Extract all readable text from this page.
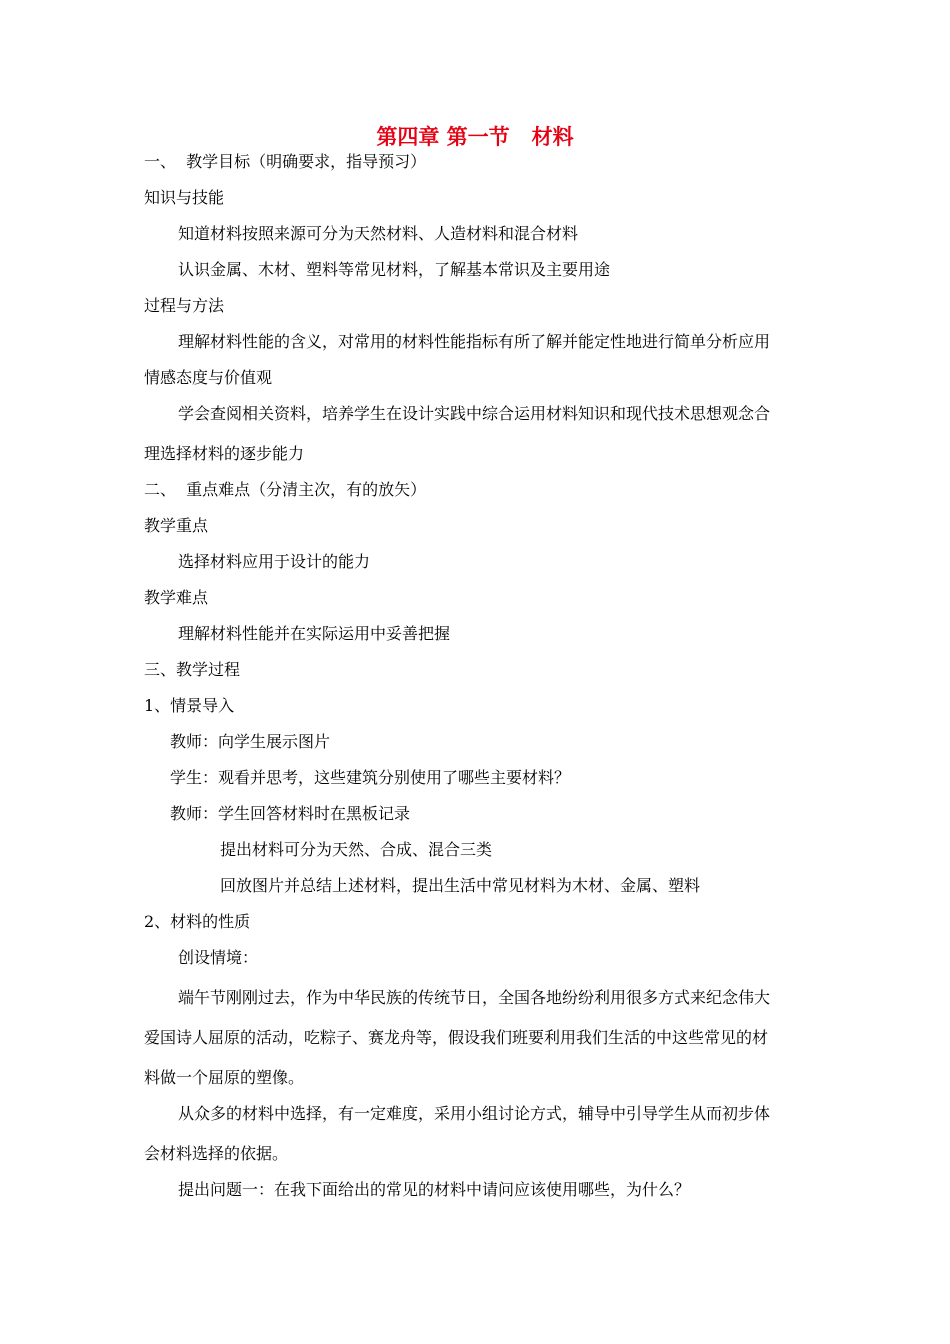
第四章 第一节   材料
一、  教学目标（明确要求，指导预习）
知识与技能
知道材料按照来源可分为天然材料、人造材料和混合材料
认识金属、木材、塑料等常见材料，了解基本常识及主要用途
过程与方法
理解材料性能的含义，对常用的材料性能指标有所了解并能定性地进行简单分析应用
情感态度与价值观
学会查阅相关资料，培养学生在设计实践中综合运用材料知识和现代技术思想观念合
理选择材料的逐步能力
二、  重点难点（分清主次，有的放矢）
教学重点
选择材料应用于设计的能力
教学难点
理解材料性能并在实际运用中妥善把握
三、教学过程
1、情景导入
教师：向学生展示图片
学生：观看并思考，这些建筑分别使用了哪些主要材料？
教师：学生回答材料时在黑板记录
提出材料可分为天然、合成、混合三类
回放图片并总结上述材料，提出生活中常见材料为木材、金属、塑料
2、材料的性质
创设情境：
端午节刚刚过去，作为中华民族的传统节日，全国各地纷纷利用很多方式来纪念伟大
爱国诗人屈原的活动，吃粽子、赛龙舟等，假设我们班要利用我们生活的中这些常见的材
料做一个屈原的塑像。
从众多的材料中选择，有一定难度，采用小组讨论方式，辅导中引导学生从而初步体
会材料选择的依据。
提出问题一：在我下面给出的常见的材料中请问应该使用哪些，为什么？
